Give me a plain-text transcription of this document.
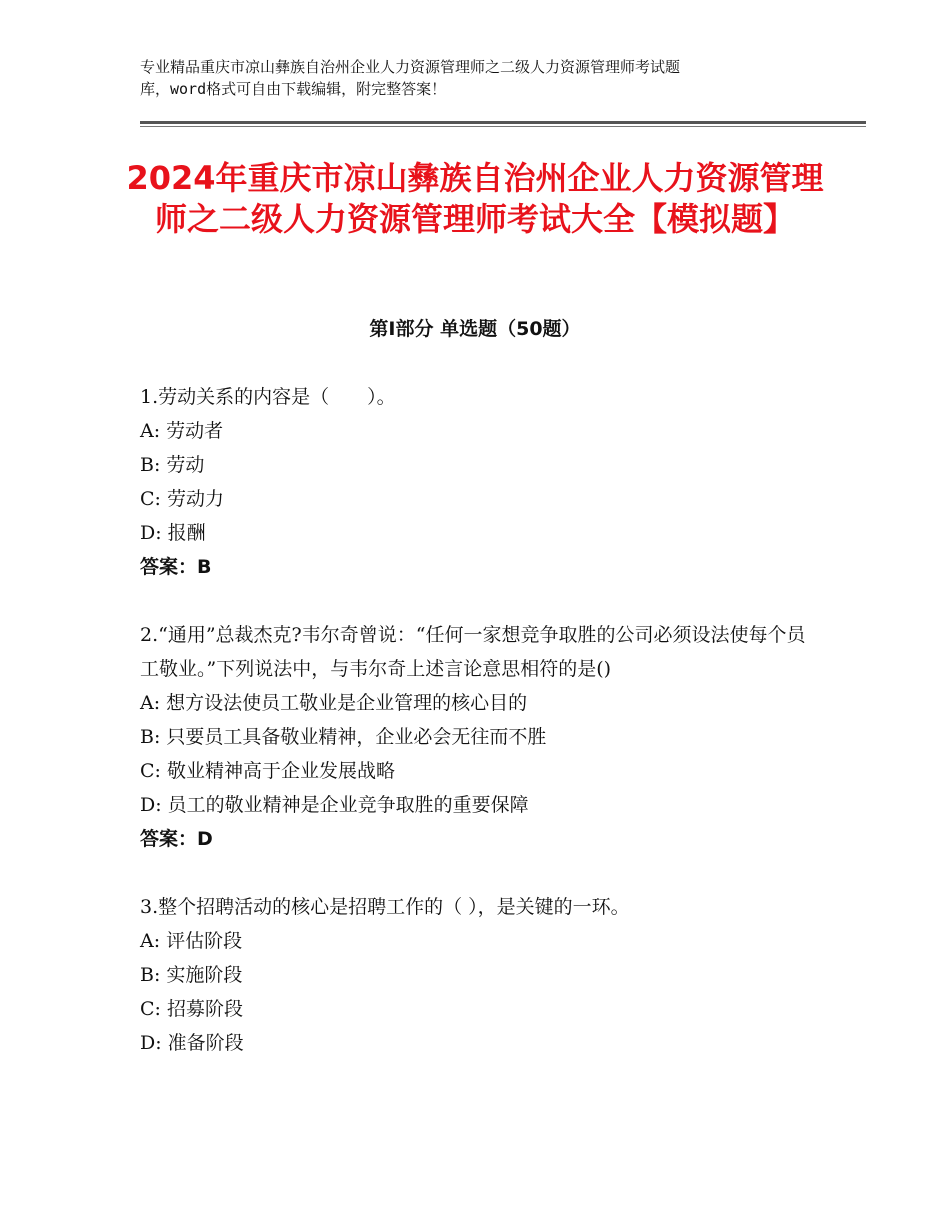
专业精品重庆市凉山彝族自治州企业人力资源管理师之二级人力资源管理师考试题
库，word格式可自由下载编辑，附完整答案！
2024年重庆市凉山彝族自治州企业人力资源管理师之二级人力资源管理师考试大全【模拟题】
第Ⅰ部分 单选题（50题）
1.劳动关系的内容是（　　）。
A: 劳动者
B: 劳动
C: 劳动力
D: 报酬
答案：B
2.“通用”总裁杰克?韦尔奇曾说：“任何一家想竞争取胜的公司必须设法使每个员工敬业。”下列说法中，与韦尔奇上述言论意思相符的是()
A: 想方设法使员工敬业是企业管理的核心目的
B: 只要员工具备敬业精神，企业必会无往而不胜
C: 敬业精神高于企业发展战略
D: 员工的敬业精神是企业竞争取胜的重要保障
答案：D
3.整个招聘活动的核心是招聘工作的（ ），是关键的一环。
A: 评估阶段
B: 实施阶段
C: 招募阶段
D: 准备阶段
